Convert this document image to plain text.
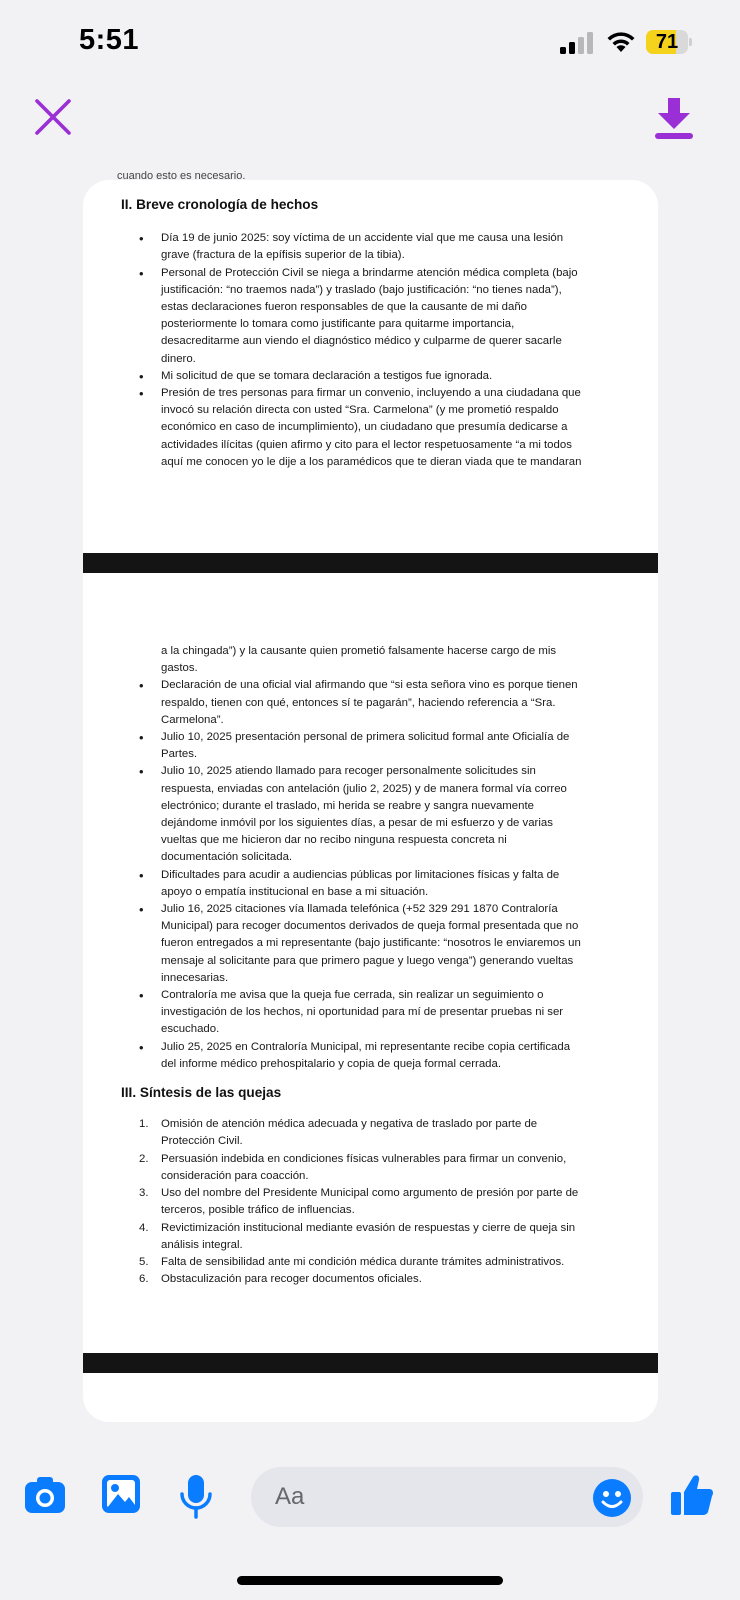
5:51	71
cuando esto es necesario.
II. Breve cronología de hechos
• Día 19 de junio 2025: soy víctima de un accidente vial que me causa una lesión
grave (fractura de la epífisis superior de la tibia).
• Personal de Protección Civil se niega a brindarme atención médica completa (bajo
justificación: “no traemos nada”) y traslado (bajo justificación: “no tienes nada”),
estas declaraciones fueron responsables de que la causante de mi daño
posteriormente lo tomara como justificante para quitarme importancia,
desacreditarme aun viendo el diagnóstico médico y culparme de querer sacarle
dinero.
• Mi solicitud de que se tomara declaración a testigos fue ignorada.
• Presión de tres personas para firmar un convenio, incluyendo a una ciudadana que
invocó su relación directa con usted “Sra. Carmelona” (y me prometió respaldo
económico en caso de incumplimiento), un ciudadano que presumía dedicarse a
actividades ilícitas (quien afirmo y cito para el lector respetuosamente “a mi todos
aquí me conocen yo le dije a los paramédicos que te dieran viada que te mandaran
a la chingada”) y la causante quien prometió falsamente hacerse cargo de mis
gastos.
• Declaración de una oficial vial afirmando que “si esta señora vino es porque tienen
respaldo, tienen con qué, entonces sí te pagarán”, haciendo referencia a “Sra.
Carmelona”.
• Julio 10, 2025 presentación personal de primera solicitud formal ante Oficialía de
Partes.
• Julio 10, 2025 atiendo llamado para recoger personalmente solicitudes sin
respuesta, enviadas con antelación (julio 2, 2025) y de manera formal vía correo
electrónico; durante el traslado, mi herida se reabre y sangra nuevamente
dejándome inmóvil por los siguientes días, a pesar de mi esfuerzo y de varias
vueltas que me hicieron dar no recibo ninguna respuesta concreta ni
documentación solicitada.
• Dificultades para acudir a audiencias públicas por limitaciones físicas y falta de
apoyo o empatía institucional en base a mi situación.
• Julio 16, 2025 citaciones vía llamada telefónica (+52 329 291 1870 Contraloría
Municipal) para recoger documentos derivados de queja formal presentada que no
fueron entregados a mi representante (bajo justificante: “nosotros le enviaremos un
mensaje al solicitante para que primero pague y luego venga”) generando vueltas
innecesarias.
• Contraloría me avisa que la queja fue cerrada, sin realizar un seguimiento o
investigación de los hechos, ni oportunidad para mí de presentar pruebas ni ser
escuchado.
• Julio 25, 2025 en Contraloría Municipal, mi representante recibe copia certificada
del informe médico prehospitalario y copia de queja formal cerrada.
III. Síntesis de las quejas
1. Omisión de atención médica adecuada y negativa de traslado por parte de
Protección Civil.
2. Persuasión indebida en condiciones físicas vulnerables para firmar un convenio,
consideración para coacción.
3. Uso del nombre del Presidente Municipal como argumento de presión por parte de
terceros, posible tráfico de influencias.
4. Revictimización institucional mediante evasión de respuestas y cierre de queja sin
análisis integral.
5. Falta de sensibilidad ante mi condición médica durante trámites administrativos.
6. Obstaculización para recoger documentos oficiales.
Aa
